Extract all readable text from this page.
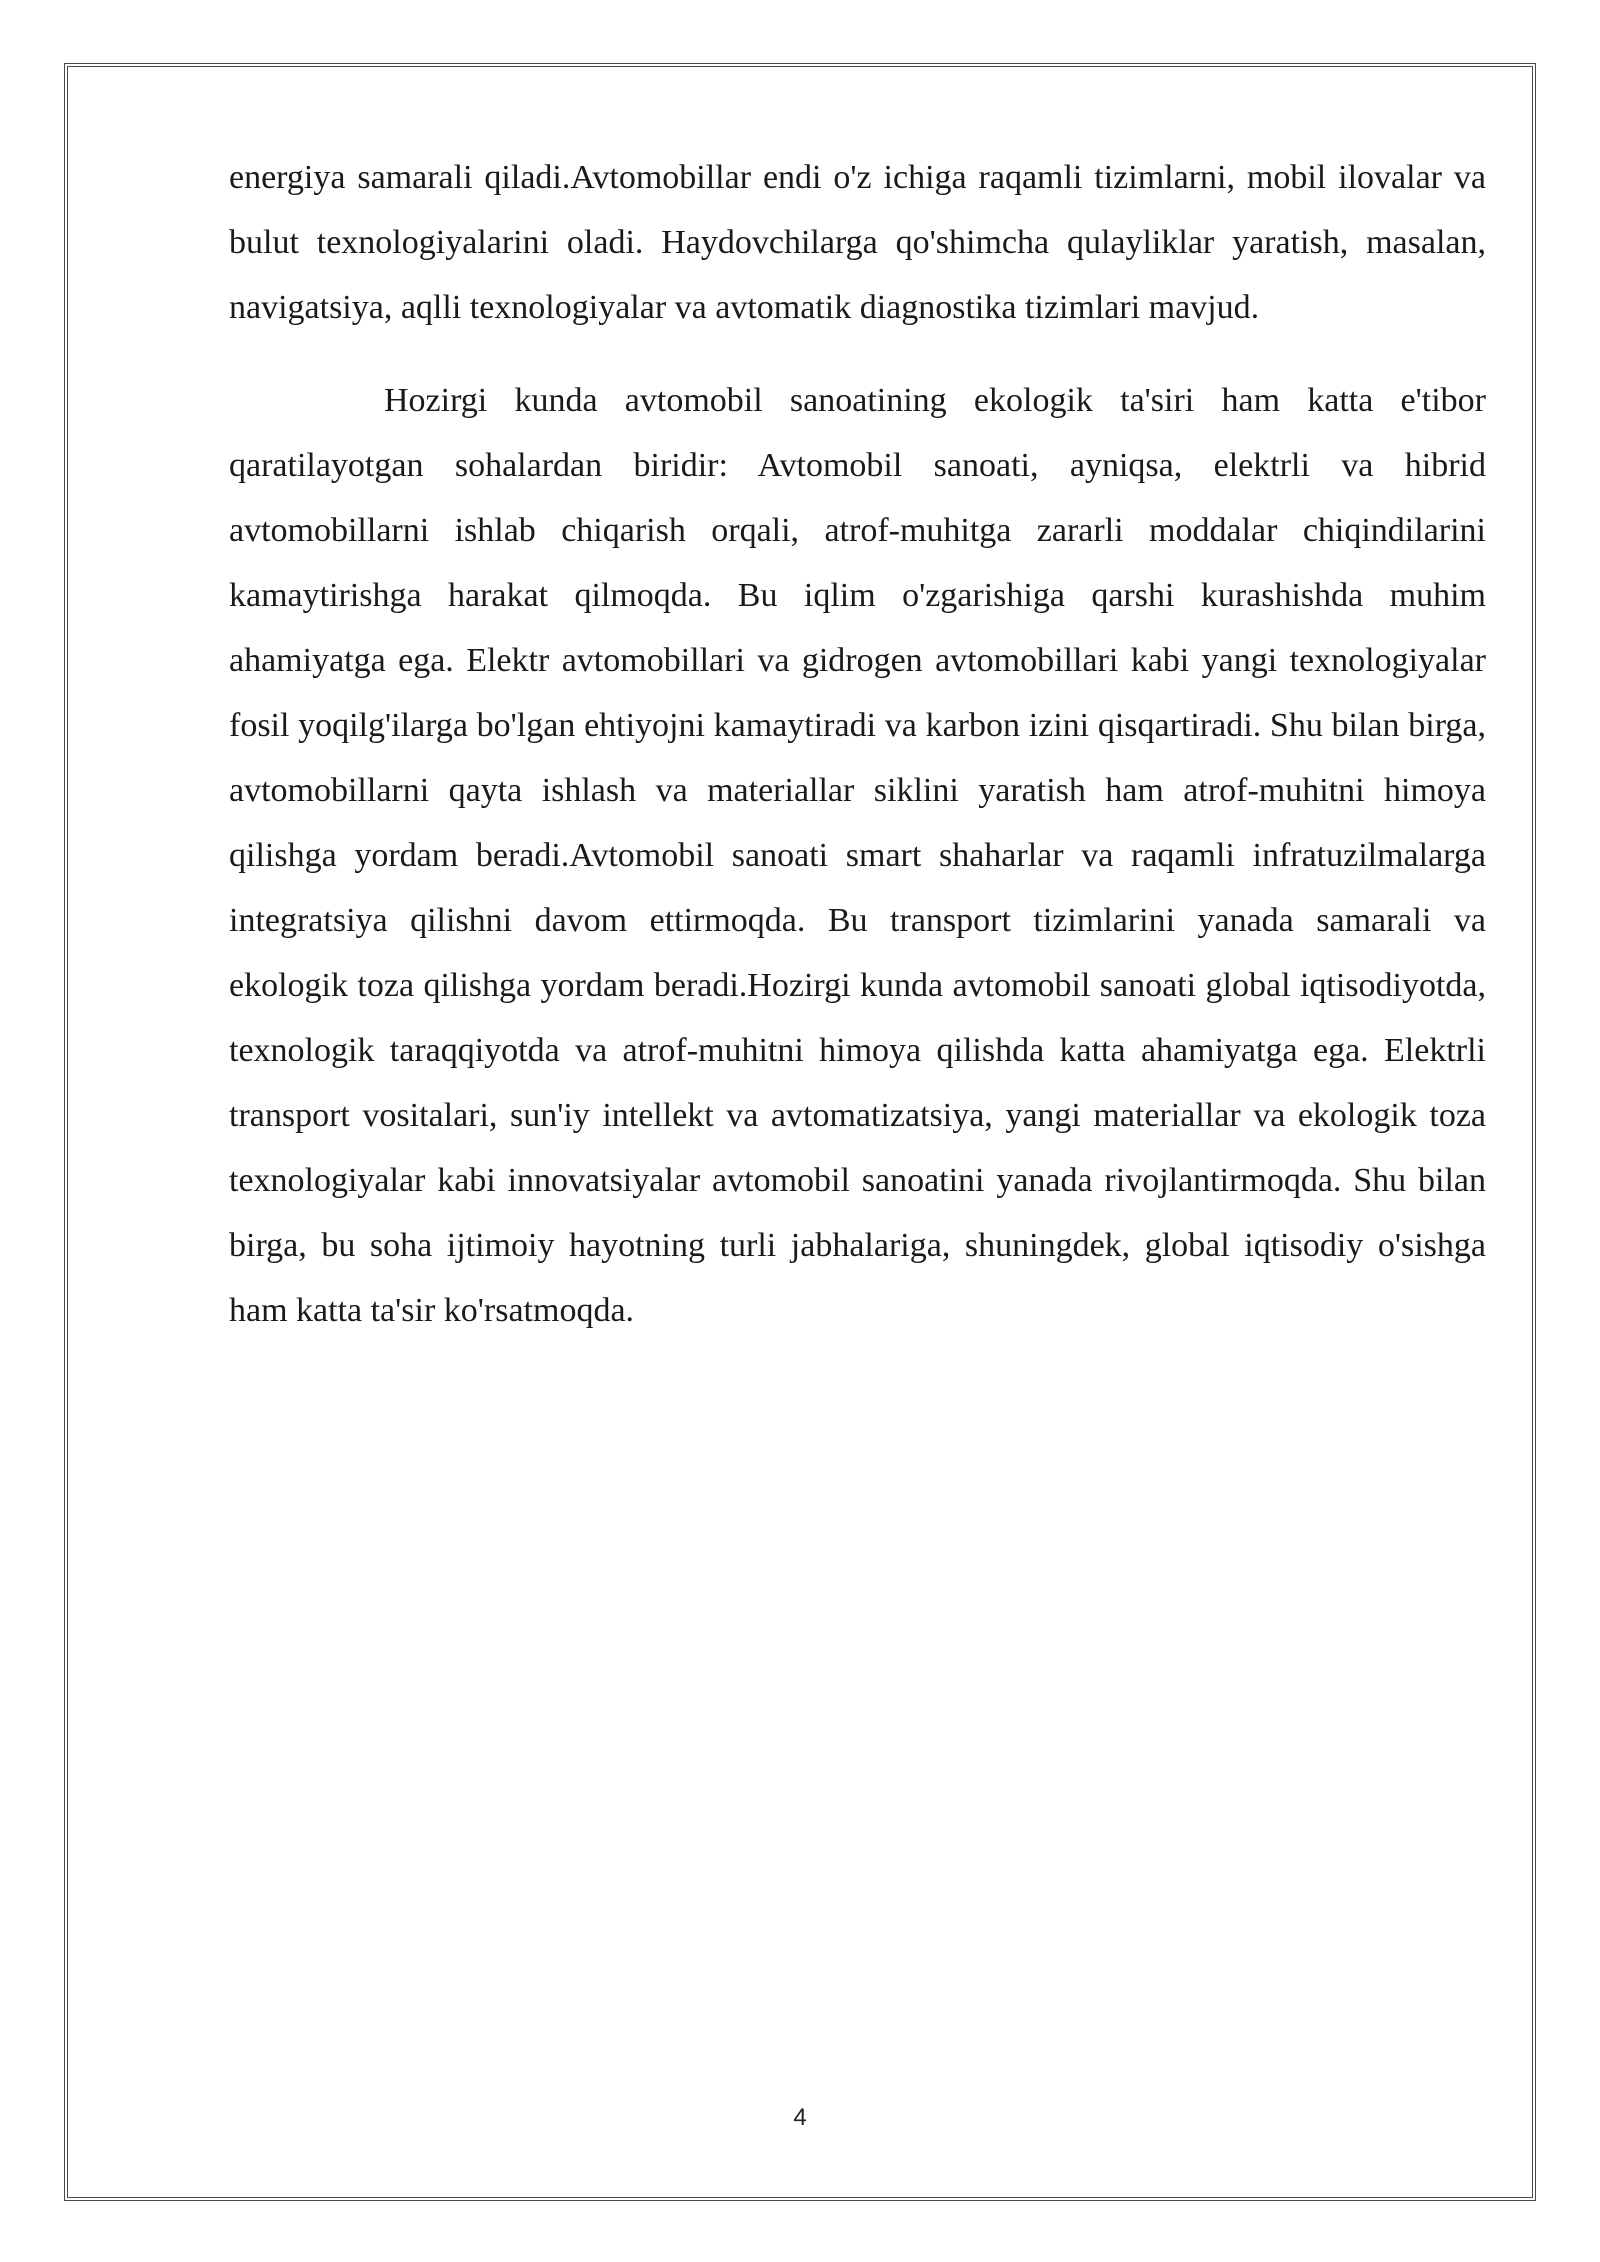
energiya samarali qiladi.Avtomobillar endi o'z ichiga raqamli tizimlarni, mobil ilovalar va bulut texnologiyalarini oladi. Haydovchilarga qo'shimcha qulayliklar yaratish, masalan, navigatsiya, aqlli texnologiyalar va avtomatik diagnostika tizimlari mavjud.

Hozirgi kunda avtomobil sanoatining ekologik ta'siri ham katta e'tibor qaratilayotgan sohalardan biridir: Avtomobil sanoati, ayniqsa, elektrli va hibrid avtomobillarni ishlab chiqarish orqali, atrof-muhitga zararli moddalar chiqindilarini kamaytirishga harakat qilmoqda. Bu iqlim o'zgarishiga qarshi kurashishda muhim ahamiyatga ega. Elektr avtomobillari va gidrogen avtomobillari kabi yangi texnologiyalar fosil yoqilg'ilarga bo'lgan ehtiyojni kamaytiradi va karbon izini qisqartiradi. Shu bilan birga, avtomobillarni qayta ishlash va materiallar siklini yaratish ham atrof-muhitni himoya qilishga yordam beradi.Avtomobil sanoati smart shaharlar va raqamli infratuzilmalarga integratsiya qilishni davom ettirmoqda. Bu transport tizimlarini yanada samarali va ekologik toza qilishga yordam beradi.Hozirgi kunda avtomobil sanoati global iqtisodiyotda, texnologik taraqqiyotda va atrof-muhitni himoya qilishda katta ahamiyatga ega. Elektrli transport vositalari, sun'iy intellekt va avtomatizatsiya, yangi materiallar va ekologik toza texnologiyalar kabi innovatsiyalar avtomobil sanoatini yanada rivojlantirmoqda. Shu bilan birga, bu soha ijtimoiy hayotning turli jabhalariga, shuningdek, global iqtisodiy o'sishga ham katta ta'sir ko'rsatmoqda.

4
